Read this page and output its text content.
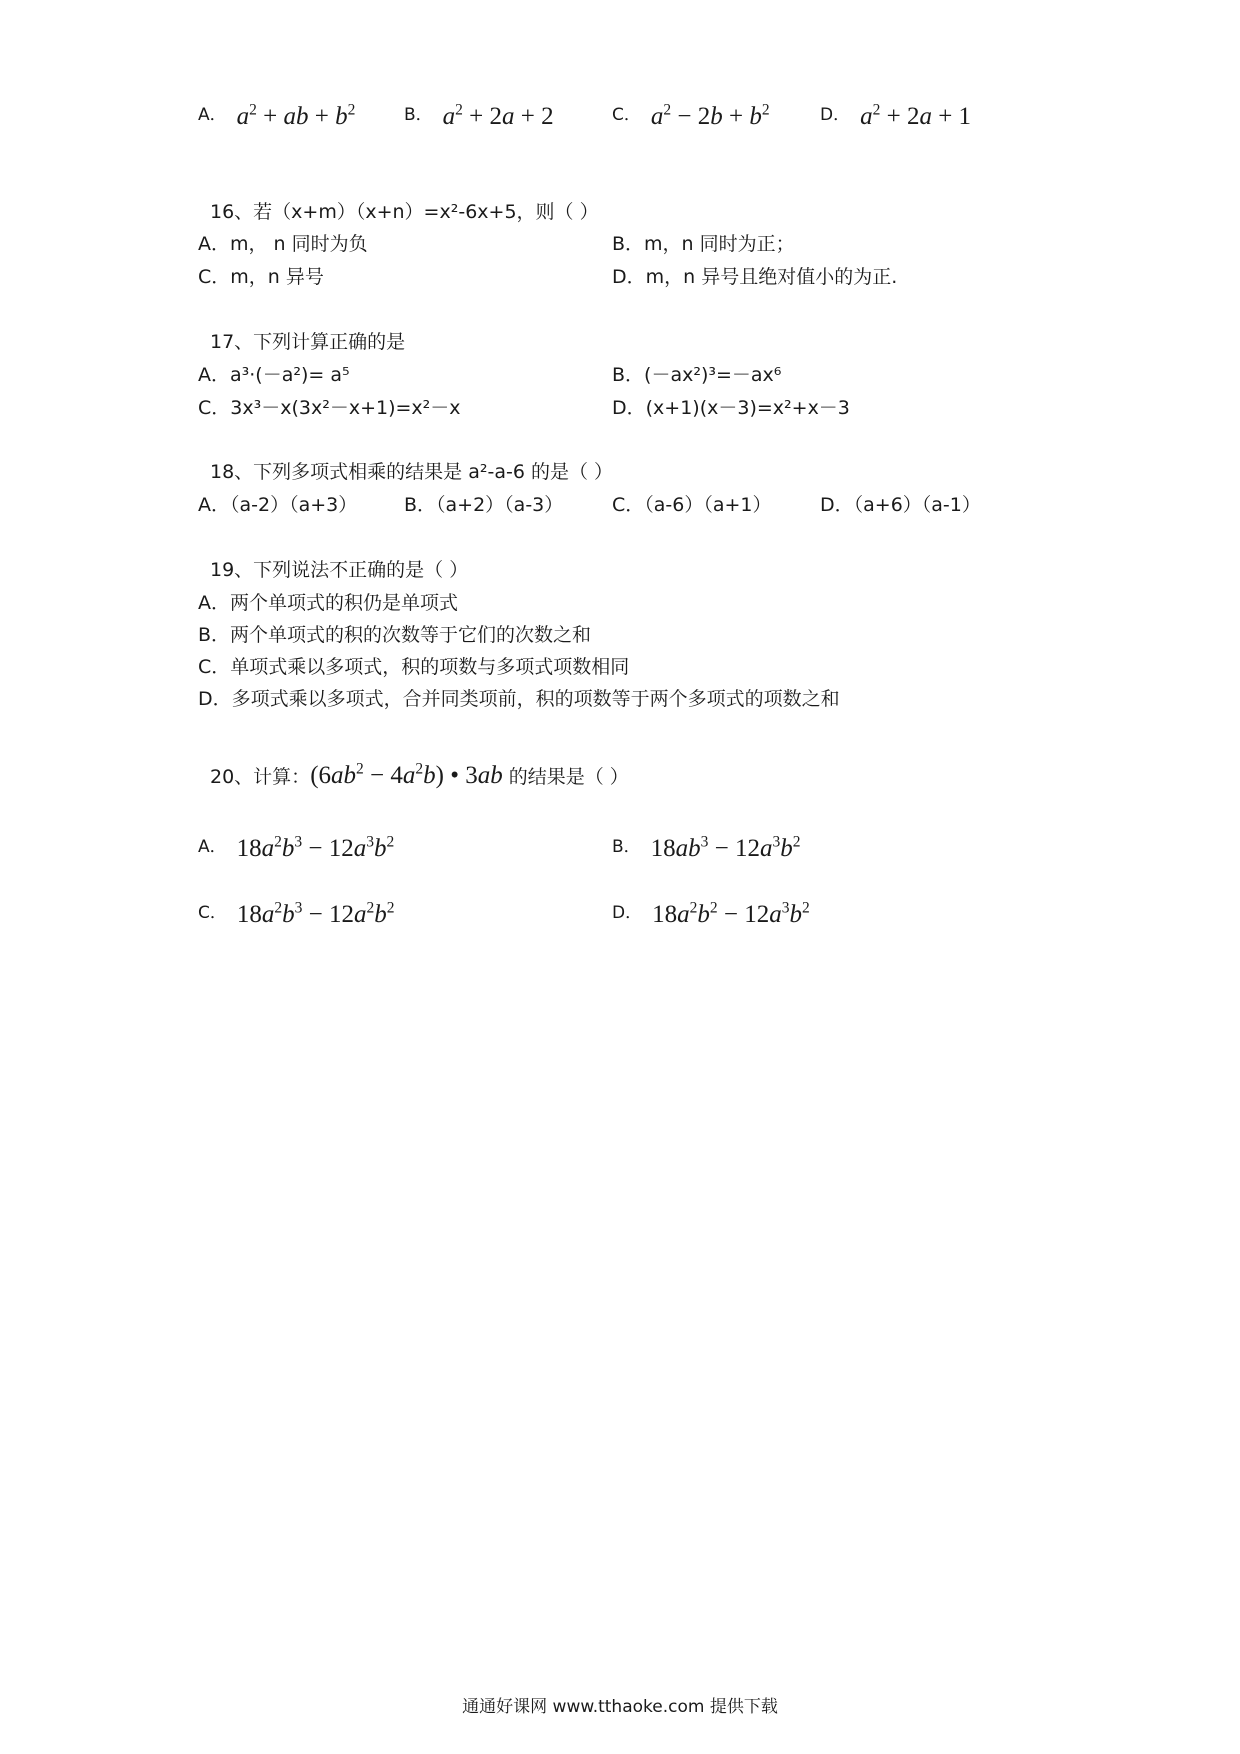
A． $a^2$ + ab + $b^2$	B． $a^2 + 2a + 2$	C． $a^2 - 2b + b^2$	D． $a^2 + 2a + 1$
16、若（x+m）（x+n）=x²-6x+5，则（ ）
A．m， n 同时为负	B．m，n 同时为正；
C．m，n 异号	D．m，n 异号且绝对值小的为正.
17、下列计算正确的是
A．a³·(－a²)= a⁵	B．(－ax²)³=－ax⁶
C．3x³－x(3x²－x+1)=x²－x	D．(x+1)(x－3)=x²+x－3
18、下列多项式相乘的结果是 a²-a-6 的是（ ）
A．（a-2）（a+3） B．（a+2）（a-3）	C．（a-6）（a+1）	D．（a+6）（a-1）
19、下列说法不正确的是（ ）
A．两个单项式的积仍是单项式
B．两个单项式的积的次数等于它们的次数之和
C．单项式乘以多项式，积的项数与多项式项数相同
D．多项式乘以多项式，合并同类项前，积的项数等于两个多项式的项数之和
20、计算：$(6ab^2 - 4a^2b)$ • 3ab 的结果是（ ）
A． $18a^2b^3 - 12a^3b^2$	B． $18ab^3 - 12a^3b^2$
C． $18a^2b^3 - 12a^2b^2$	D． $18a^2b^2 - 12a^3b^2$
通通好课网 www.tthaoke.com 提供下载
